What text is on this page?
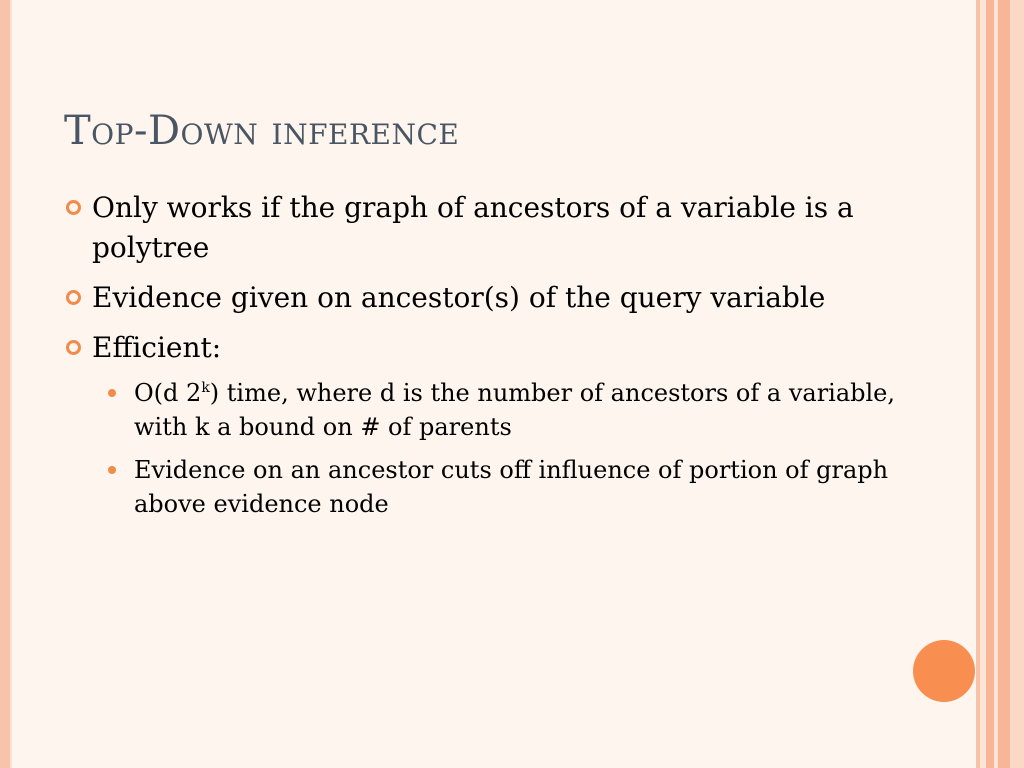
Top-Down inference
Only works if the graph of ancestors of a variable is a polytree
Evidence given on ancestor(s) of the query variable
Efficient:
O(d 2$^k$) time, where d is the number of ancestors of a variable, with k a bound on # of parents
Evidence on an ancestor cuts off influence of portion of graph above evidence node
